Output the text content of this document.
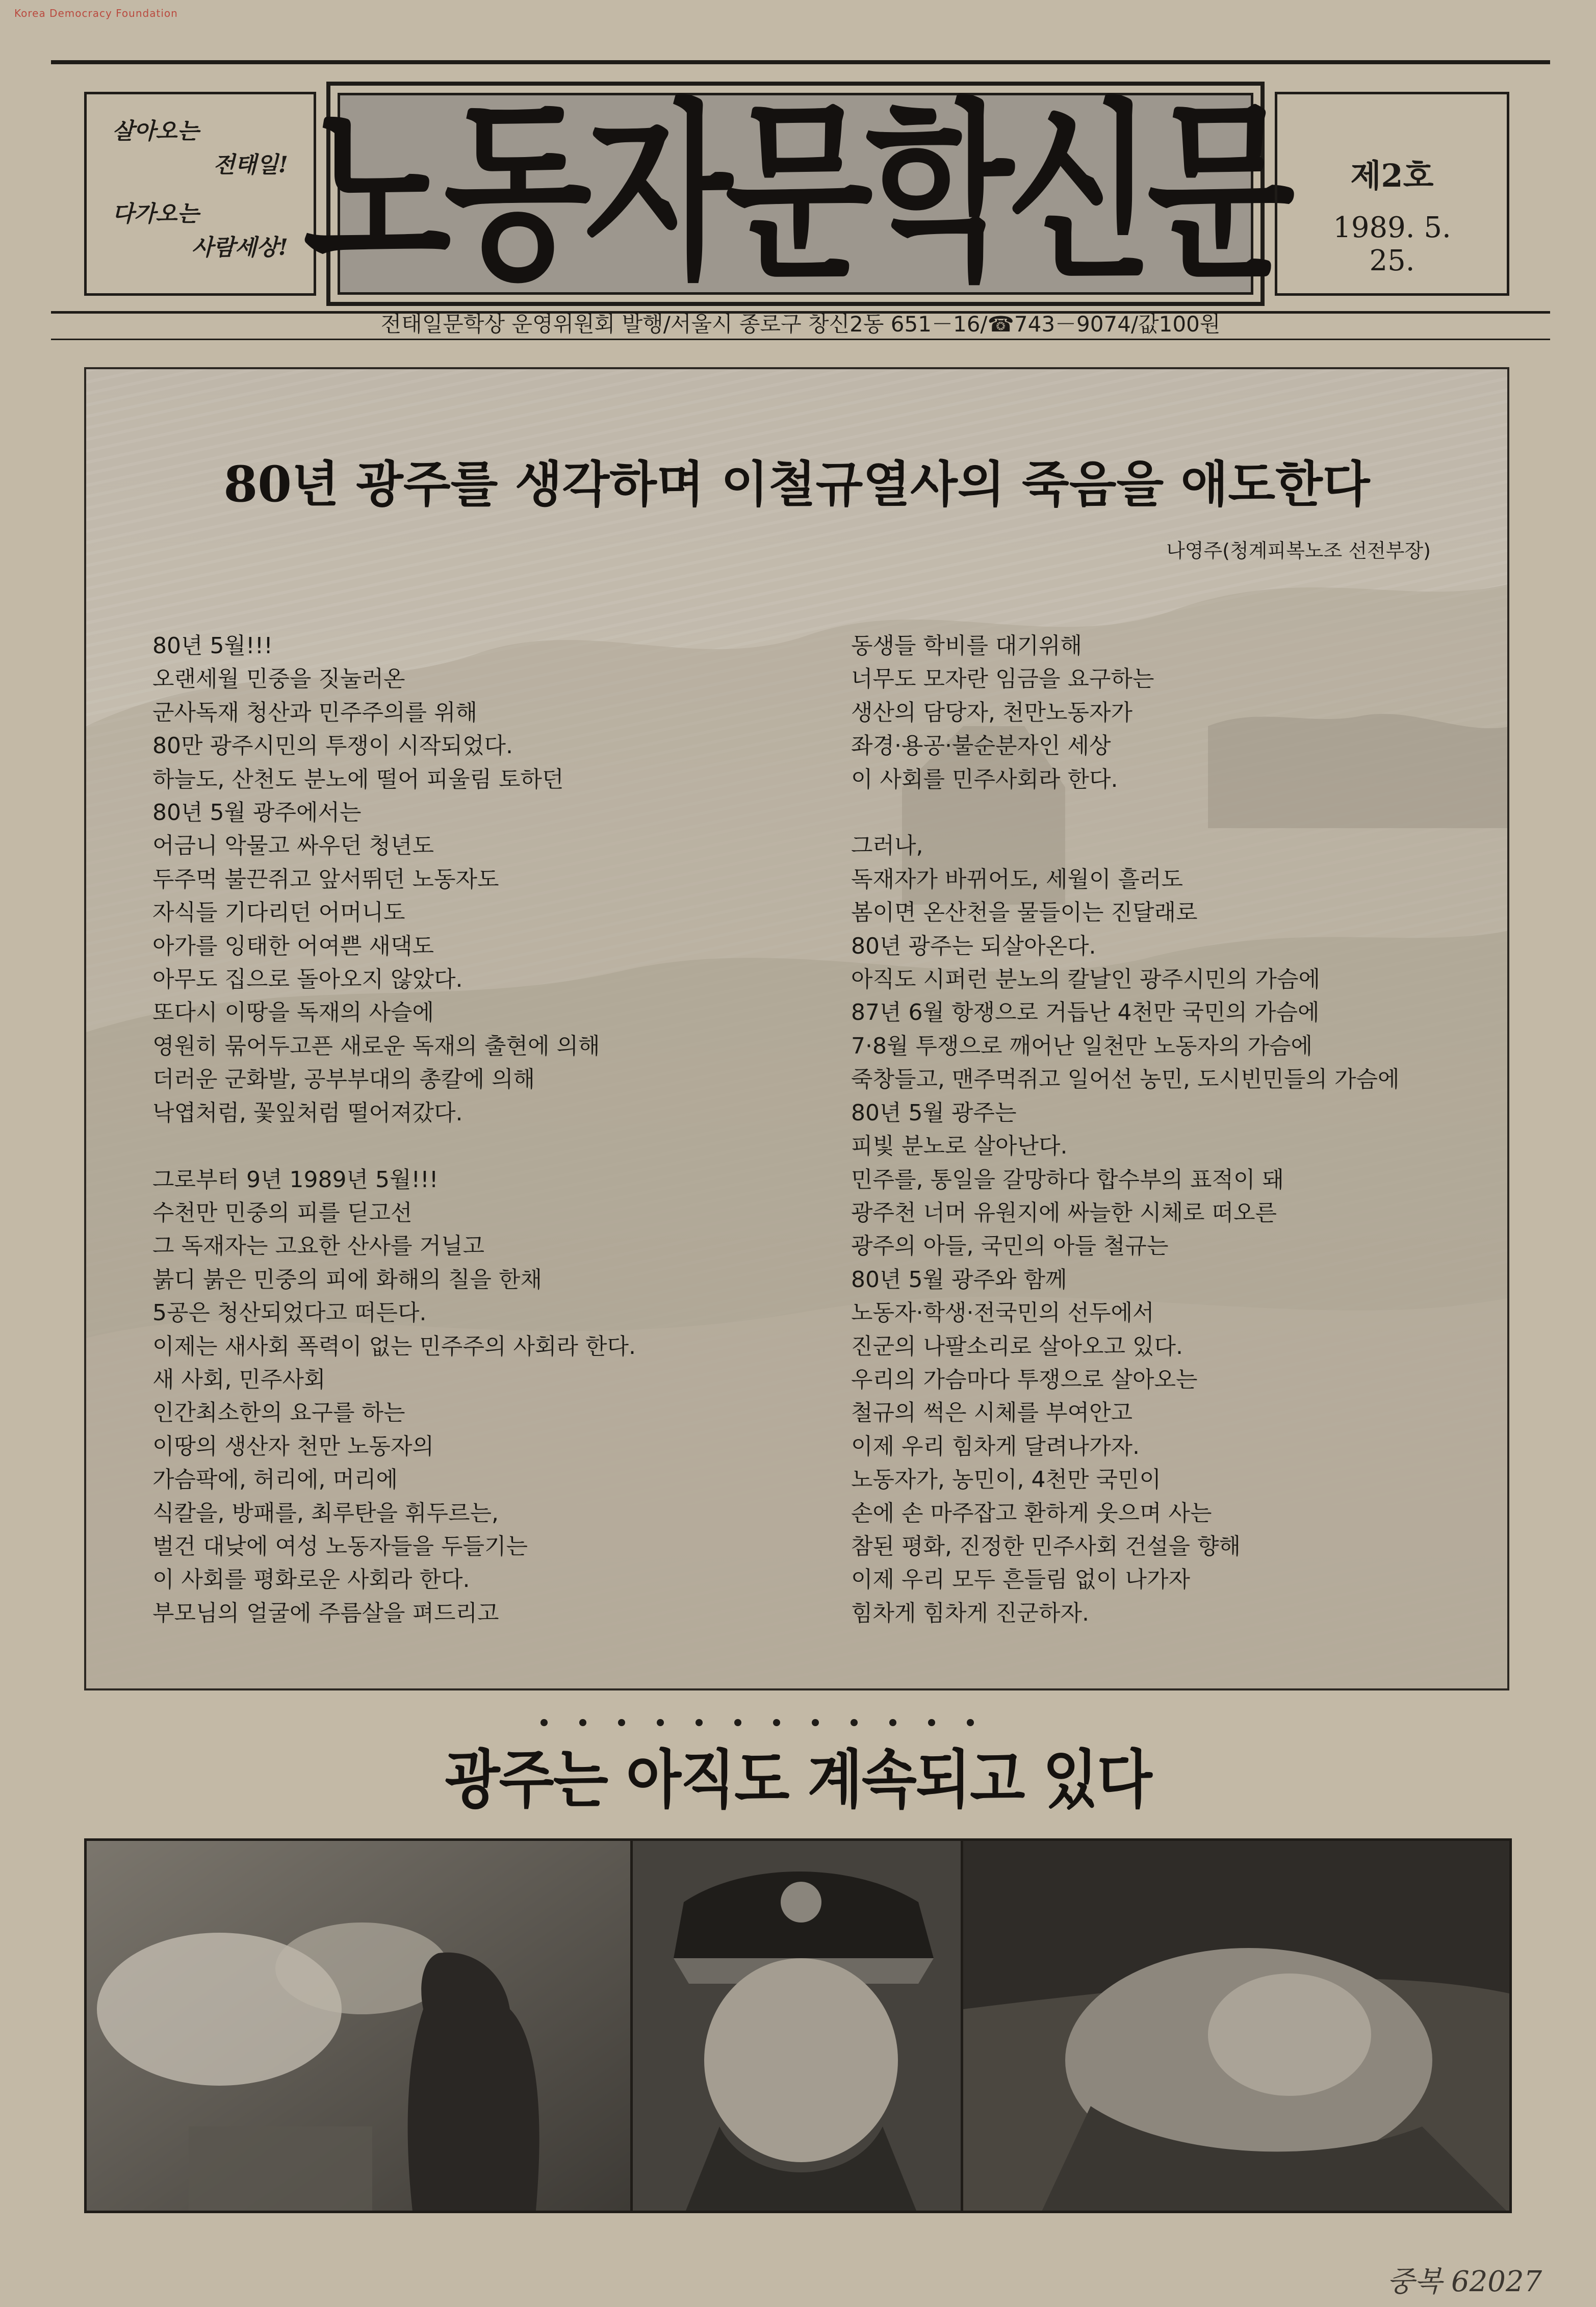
Korea Democracy Foundation
살아오는
전태일!
다가오는
사람세상! 노동자문학신문	제2호
1989. 5. 25.
전태일문학상 운영위원회 발행/서울시 종로구 창신2동 651－16/☎743－9074/값100원
80년 광주를 생각하며 이철규열사의 죽음을 애도한다
나영주(청계피복노조 선전부장)
80년 5월!!!
오랜세월 민중을 짓눌러온
군사독재 청산과 민주주의를 위해
80만 광주시민의 투쟁이 시작되었다.
하늘도, 산천도 분노에 떨어 피울림 토하던
80년 5월 광주에서는
어금니 악물고 싸우던 청년도
두주먹 불끈쥐고 앞서뛰던 노동자도
자식들 기다리던 어머니도
아가를 잉태한 어여쁜 새댁도
아무도 집으로 돌아오지 않았다.
또다시 이땅을 독재의 사슬에
영원히 묶어두고픈 새로운 독재의 출현에 의해
더러운 군화발, 공부부대의 총칼에 의해
낙엽처럼, 꽃잎처럼 떨어져갔다.

그로부터 9년 1989년 5월!!!
수천만 민중의 피를 딛고선
그 독재자는 고요한 산사를 거닐고
붉디 붉은 민중의 피에 화해의 칠을 한채
5공은 청산되었다고 떠든다.
이제는 새사회 폭력이 없는 민주주의 사회라 한다.
새 사회, 민주사회
인간최소한의 요구를 하는
이땅의 생산자 천만 노동자의
가슴팍에, 허리에, 머리에
식칼을, 방패를, 최루탄을 휘두르는,
벌건 대낮에 여성 노동자들을 두들기는
이 사회를 평화로운 사회라 한다.
부모님의 얼굴에 주름살을 펴드리고
동생들 학비를 대기위해
너무도 모자란 임금을 요구하는
생산의 담당자, 천만노동자가
좌경·용공·불순분자인 세상
이 사회를 민주사회라 한다.

그러나,
독재자가 바뀌어도, 세월이 흘러도
봄이면 온산천을 물들이는 진달래로
80년 광주는 되살아온다.
아직도 시퍼런 분노의 칼날인 광주시민의 가슴에
87년 6월 항쟁으로 거듭난 4천만 국민의 가슴에
7·8월 투쟁으로 깨어난 일천만 노동자의 가슴에
죽창들고, 맨주먹쥐고 일어선 농민, 도시빈민들의 가슴에
80년 5월 광주는
피빛 분노로 살아난다.
민주를, 통일을 갈망하다 합수부의 표적이 돼
광주천 너머 유원지에 싸늘한 시체로 떠오른
광주의 아들, 국민의 아들 철규는
80년 5월 광주와 함께
노동자·학생·전국민의 선두에서
진군의 나팔소리로 살아오고 있다.
우리의 가슴마다 투쟁으로 살아오는
철규의 썩은 시체를 부여안고
이제 우리 힘차게 달려나가자.
노동자가, 농민이, 4천만 국민이
손에 손 마주잡고 환하게 웃으며 사는
참된 평화, 진정한 민주사회 건설을 향해
이제 우리 모두 흔들림 없이 나가자
힘차게 힘차게 진군하자.
광주는 아직도 계속되고 있다
중복 62027
